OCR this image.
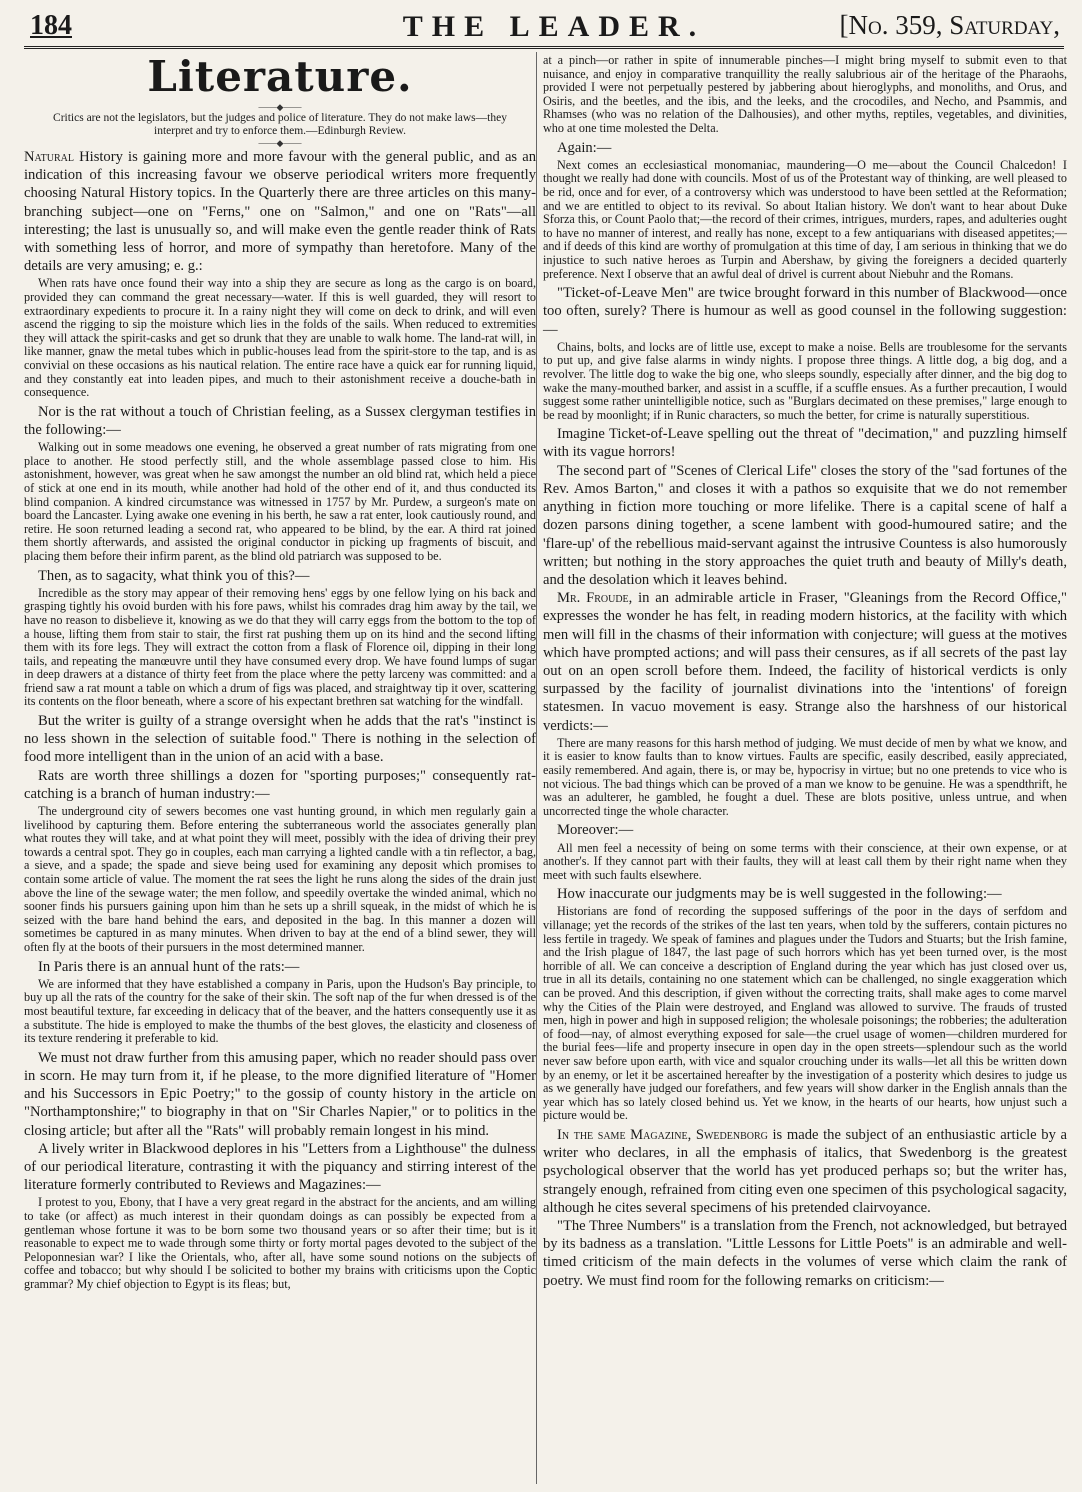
184	THE LEADER.	[No. 359, Saturday,
Literature.
——◆——

Critics are not the legislators, but the judges and police of literature. They do not make laws—they interpret and try to enforce them.—Edinburgh Review.

——◆——

Natural History is gaining more and more favour with the general public, and as an indication of this increasing favour we observe periodical writers more frequently choosing Natural History topics. In the Quarterly there are three articles on this many-branching subject—one on "Ferns," one on "Salmon," and one on "Rats"—all interesting; the last is unusually so, and will make even the gentle reader think of Rats with something less of horror, and more of sympathy than heretofore. Many of the details are very amusing; e. g.:

When rats have once found their way into a ship they are secure as long as the cargo is on board, provided they can command the great necessary—water. If this is well guarded, they will resort to extraordinary expedients to procure it. In a rainy night they will come on deck to drink, and will even ascend the rigging to sip the moisture which lies in the folds of the sails. When reduced to extremities they will attack the spirit-casks and get so drunk that they are unable to walk home. The land-rat will, in like manner, gnaw the metal tubes which in public-houses lead from the spirit-store to the tap, and is as convivial on these occasions as his nautical relation. The entire race have a quick ear for running liquid, and they constantly eat into leaden pipes, and much to their astonishment receive a douche-bath in consequence.

Nor is the rat without a touch of Christian feeling, as a Sussex clergyman testifies in the following:—

Walking out in some meadows one evening, he observed a great number of rats migrating from one place to another. He stood perfectly still, and the whole assemblage passed close to him. His astonishment, however, was great when he saw amongst the number an old blind rat, which held a piece of stick at one end in its mouth, while another had hold of the other end of it, and thus conducted its blind companion. A kindred circumstance was witnessed in 1757 by Mr. Purdew, a surgeon's mate on board the Lancaster. Lying awake one evening in his berth, he saw a rat enter, look cautiously round, and retire. He soon returned leading a second rat, who appeared to be blind, by the ear. A third rat joined them shortly afterwards, and assisted the original conductor in picking up fragments of biscuit, and placing them before their infirm parent, as the blind old patriarch was supposed to be.

Then, as to sagacity, what think you of this?—

Incredible as the story may appear of their removing hens' eggs by one fellow lying on his back and grasping tightly his ovoid burden with his fore paws, whilst his comrades drag him away by the tail, we have no reason to disbelieve it, knowing as we do that they will carry eggs from the bottom to the top of a house, lifting them from stair to stair, the first rat pushing them up on its hind and the second lifting them with its fore legs. They will extract the cotton from a flask of Florence oil, dipping in their long tails, and repeating the manœuvre until they have consumed every drop. We have found lumps of sugar in deep drawers at a distance of thirty feet from the place where the petty larceny was committed: and a friend saw a rat mount a table on which a drum of figs was placed, and straightway tip it over, scattering its contents on the floor beneath, where a score of his expectant brethren sat watching for the windfall.

But the writer is guilty of a strange oversight when he adds that the rat's "instinct is no less shown in the selection of suitable food." There is nothing in the selection of food more intelligent than in the union of an acid with a base.

Rats are worth three shillings a dozen for "sporting purposes;" consequently rat-catching is a branch of human industry:—

The underground city of sewers becomes one vast hunting ground, in which men regularly gain a livelihood by capturing them. Before entering the subterraneous world the associates generally plan what routes they will take, and at what point they will meet, possibly with the idea of driving their prey towards a central spot. They go in couples, each man carrying a lighted candle with a tin reflector, a bag, a sieve, and a spade; the spade and sieve being used for examining any deposit which promises to contain some article of value. The moment the rat sees the light he runs along the sides of the drain just above the line of the sewage water; the men follow, and speedily overtake the winded animal, which no sooner finds his pursuers gaining upon him than he sets up a shrill squeak, in the midst of which he is seized with the bare hand behind the ears, and deposited in the bag. In this manner a dozen will sometimes be captured in as many minutes. When driven to bay at the end of a blind sewer, they will often fly at the boots of their pursuers in the most determined manner.

In Paris there is an annual hunt of the rats:—

We are informed that they have established a company in Paris, upon the Hudson's Bay principle, to buy up all the rats of the country for the sake of their skin. The soft nap of the fur when dressed is of the most beautiful texture, far exceeding in delicacy that of the beaver, and the hatters consequently use it as a substitute. The hide is employed to make the thumbs of the best gloves, the elasticity and closeness of its texture rendering it preferable to kid.

We must not draw further from this amusing paper, which no reader should pass over in scorn. He may turn from it, if he please, to the more dignified literature of "Homer and his Successors in Epic Poetry;" to the gossip of county history in the article on "Northamptonshire;" to biography in that on "Sir Charles Napier," or to politics in the closing article; but after all the "Rats" will probably remain longest in his mind.

A lively writer in Blackwood deplores in his "Letters from a Lighthouse" the dulness of our periodical literature, contrasting it with the piquancy and stirring interest of the literature formerly contributed to Reviews and Magazines:—

I protest to you, Ebony, that I have a very great regard in the abstract for the ancients, and am willing to take (or affect) as much interest in their quondam doings as can possibly be expected from a gentleman whose fortune it was to be born some two thousand years or so after their time; but is it reasonable to expect me to wade through some thirty or forty mortal pages devoted to the subject of the Peloponnesian war? I like the Orientals, who, after all, have some sound notions on the subjects of coffee and tobacco; but why should I be solicited to bother my brains with criticisms upon the Coptic grammar? My chief objection to Egypt is its fleas; but,

at a pinch—or rather in spite of innumerable pinches—I might bring myself to submit even to that nuisance, and enjoy in comparative tranquillity the really salubrious air of the heritage of the Pharaohs, provided I were not perpetually pestered by jabbering about hieroglyphs, and monoliths, and Orus, and Osiris, and the beetles, and the ibis, and the leeks, and the crocodiles, and Necho, and Psammis, and Rhamses (who was no relation of the Dalhousies), and other myths, reptiles, vegetables, and divinities, who at one time molested the Delta.

Again:—

Next comes an ecclesiastical monomaniac, maundering—O me—about the Council Chalcedon! I thought we really had done with councils. Most of us of the Protestant way of thinking, are well pleased to be rid, once and for ever, of a controversy which was understood to have been settled at the Reformation; and we are entitled to object to its revival. So about Italian history. We don't want to hear about Duke Sforza this, or Count Paolo that;—the record of their crimes, intrigues, murders, rapes, and adulteries ought to have no manner of interest, and really has none, except to a few antiquarians with diseased appetites;—and if deeds of this kind are worthy of promulgation at this time of day, I am serious in thinking that we do injustice to such native heroes as Turpin and Abershaw, by giving the foreigners a decided quarterly preference. Next I observe that an awful deal of drivel is current about Niebuhr and the Romans.

"Ticket-of-Leave Men" are twice brought forward in this number of Blackwood—once too often, surely? There is humour as well as good counsel in the following suggestion:—

Chains, bolts, and locks are of little use, except to make a noise. Bells are troublesome for the servants to put up, and give false alarms in windy nights. I propose three things. A little dog, a big dog, and a revolver. The little dog to wake the big one, who sleeps soundly, especially after dinner, and the big dog to wake the many-mouthed barker, and assist in a scuffle, if a scuffle ensues. As a further precaution, I would suggest some rather unintelligible notice, such as "Burglars decimated on these premises," large enough to be read by moonlight; if in Runic characters, so much the better, for crime is naturally superstitious.

Imagine Ticket-of-Leave spelling out the threat of "decimation," and puzzling himself with its vague horrors!

The second part of "Scenes of Clerical Life" closes the story of the "sad fortunes of the Rev. Amos Barton," and closes it with a pathos so exquisite that we do not remember anything in fiction more touching or more lifelike. There is a capital scene of half a dozen parsons dining together, a scene lambent with good-humoured satire; and the 'flare-up' of the rebellious maid-servant against the intrusive Countess is also humorously written; but nothing in the story approaches the quiet truth and beauty of Milly's death, and the desolation which it leaves behind.

Mr. Froude, in an admirable article in Fraser, "Gleanings from the Record Office," expresses the wonder he has felt, in reading modern historics, at the facility with which men will fill in the chasms of their information with conjecture; will guess at the motives which have prompted actions; and will pass their censures, as if all secrets of the past lay out on an open scroll before them. Indeed, the facility of historical verdicts is only surpassed by the facility of journalist divinations into the 'intentions' of foreign statesmen. In vacuo movement is easy. Strange also the harshness of our historical verdicts:—

There are many reasons for this harsh method of judging. We must decide of men by what we know, and it is easier to know faults than to know virtues. Faults are specific, easily described, easily appreciated, easily remembered. And again, there is, or may be, hypocrisy in virtue; but no one pretends to vice who is not vicious. The bad things which can be proved of a man we know to be genuine. He was a spendthrift, he was an adulterer, he gambled, he fought a duel. These are blots positive, unless untrue, and when uncorrected tinge the whole character.

Moreover:—

All men feel a necessity of being on some terms with their conscience, at their own expense, or at another's. If they cannot part with their faults, they will at least call them by their right name when they meet with such faults elsewhere.

How inaccurate our judgments may be is well suggested in the following:—

Historians are fond of recording the supposed sufferings of the poor in the days of serfdom and villanage; yet the records of the strikes of the last ten years, when told by the sufferers, contain pictures no less fertile in tragedy. We speak of famines and plagues under the Tudors and Stuarts; but the Irish famine, and the Irish plague of 1847, the last page of such horrors which has yet been turned over, is the most horrible of all. We can conceive a description of England during the year which has just closed over us, true in all its details, containing no one statement which can be challenged, no single exaggeration which can be proved. And this description, if given without the correcting traits, shall make ages to come marvel why the Cities of the Plain were destroyed, and England was allowed to survive. The frauds of trusted men, high in power and high in supposed religion; the wholesale poisonings; the robberies; the adulteration of food—nay, of almost everything exposed for sale—the cruel usage of women—children murdered for the burial fees—life and property insecure in open day in the open streets—splendour such as the world never saw before upon earth, with vice and squalor crouching under its walls—let all this be written down by an enemy, or let it be ascertained hereafter by the investigation of a posterity which desires to judge us as we generally have judged our forefathers, and few years will show darker in the English annals than the year which has so lately closed behind us. Yet we know, in the hearts of our hearts, how unjust such a picture would be.

In the same Magazine, Swedenborg is made the subject of an enthusiastic article by a writer who declares, in all the emphasis of italics, that Swedenborg is the greatest psychological observer that the world has yet produced perhaps so; but the writer has, strangely enough, refrained from citing even one specimen of this psychological sagacity, although he cites several specimens of his pretended clairvoyance.

"The Three Numbers" is a translation from the French, not acknowledged, but betrayed by its badness as a translation. "Little Lessons for Little Poets" is an admirable and well-timed criticism of the main defects in the volumes of verse which claim the rank of poetry. We must find room for the following remarks on criticism:—
